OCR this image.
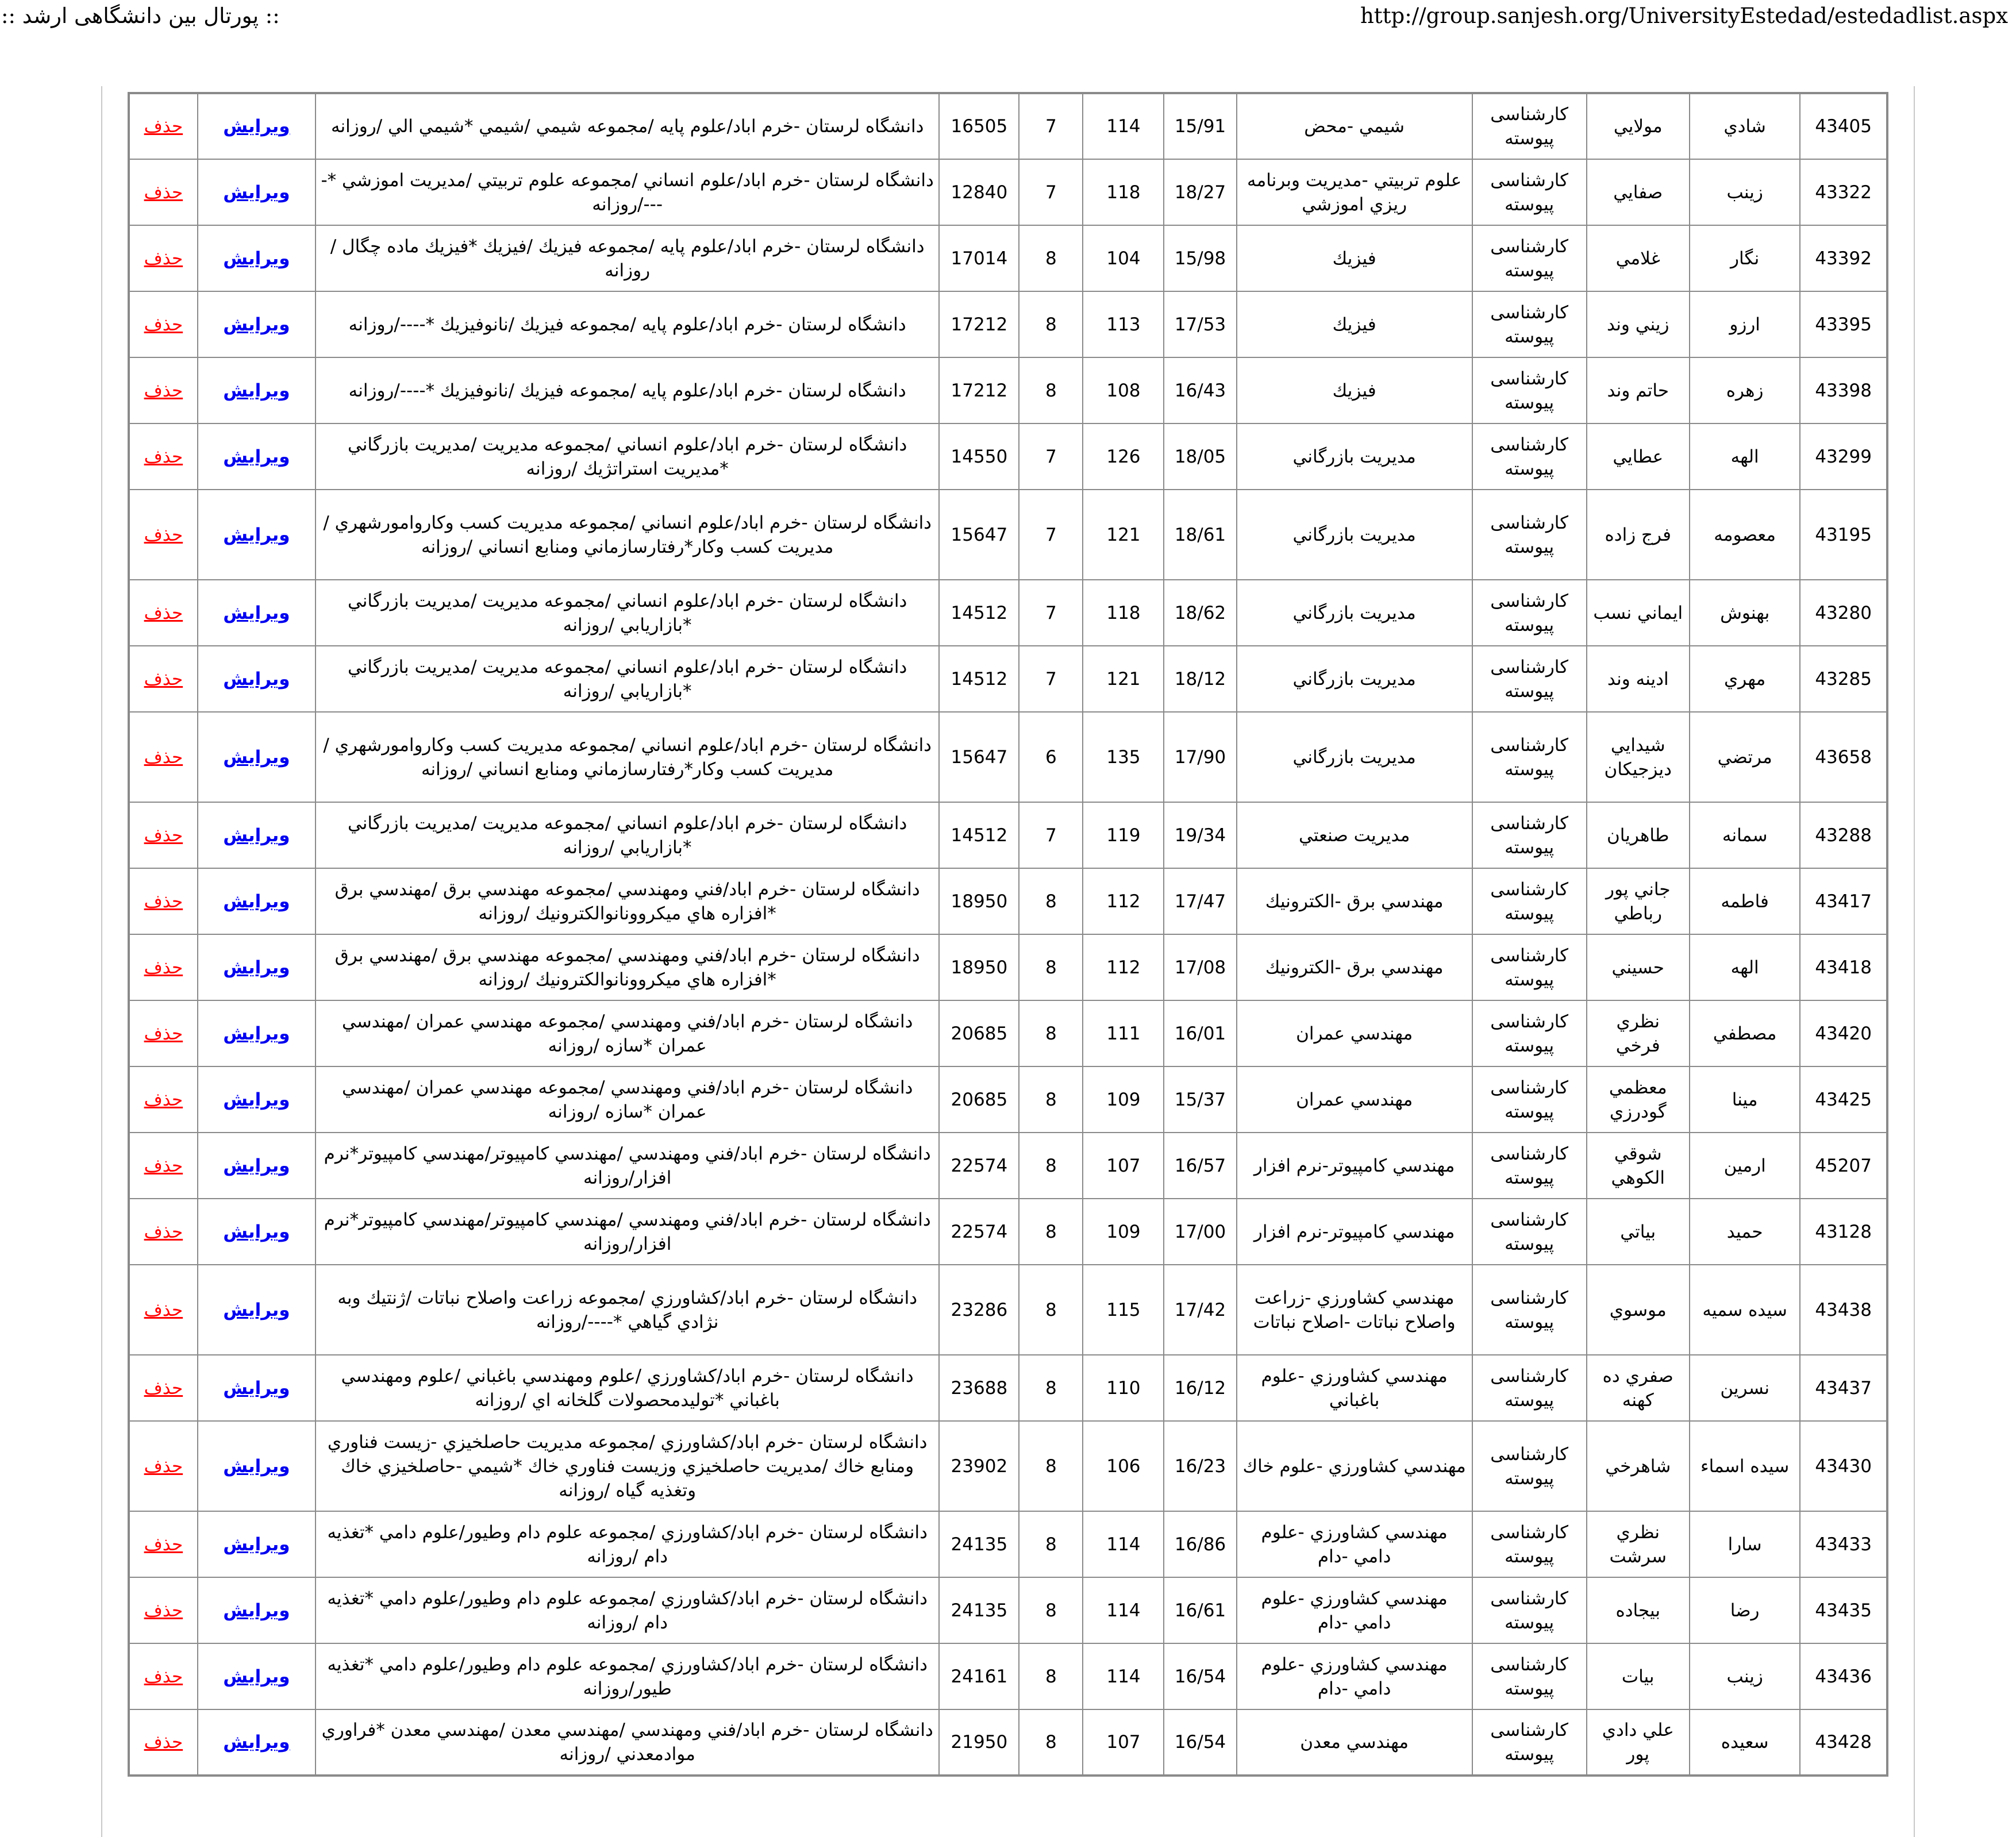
:: پورتال بین دانشگاهی ارشد ::	http://group.sanjesh.org/UniversityEstedad/estedadlist.aspx
43405	شادي	مولايي	كارشناسی پيوسته	شيمي -محض	15/91	114	7	16505	دانشگاه لرستان -خرم اباد/علوم پايه /مجموعه شيمي /شيمي *شيمي الي /روزانه	ويرايش	حذف
43322	زينب	صفايي	كارشناسی پيوسته	علوم تربيتي -مديريت وبرنامه ريزي اموزشي	18/27	118	7	12840	دانشگاه لرستان -خرم اباد/علوم انساني /مجموعه علوم تربيتي /مديريت اموزشي *----/روزانه	ويرايش	حذف
43392	نگار	غلامي	كارشناسی پيوسته	فيزيك	15/98	104	8	17014	دانشگاه لرستان -خرم اباد/علوم پايه /مجموعه فيزيك /فيزيك *فيزيك ماده چگال /روزانه	ويرايش	حذف
43395	ارزو	زيني وند	كارشناسی پيوسته	فيزيك	17/53	113	8	17212	دانشگاه لرستان -خرم اباد/علوم پايه /مجموعه فيزيك /نانوفيزيك *----/روزانه	ويرايش	حذف
43398	زهره	حاتم وند	كارشناسی پيوسته	فيزيك	16/43	108	8	17212	دانشگاه لرستان -خرم اباد/علوم پايه /مجموعه فيزيك /نانوفيزيك *----/روزانه	ويرايش	حذف
43299	الهه	عطايي	كارشناسی پيوسته	مديريت بازرگاني	18/05	126	7	14550	دانشگاه لرستان -خرم اباد/علوم انساني /مجموعه مديريت /مديريت بازرگاني *مديريت استراتژيك /روزانه	ويرايش	حذف
43195	معصومه	فرج زاده	كارشناسی پيوسته	مديريت بازرگاني	18/61	121	7	15647	دانشگاه لرستان -خرم اباد/علوم انساني /مجموعه مديريت كسب وكاروامورشهري /مديريت كسب وكار*رفتارسازماني ومنابع انساني /روزانه	ويرايش	حذف
43280	بهنوش	ايماني نسب	كارشناسی پيوسته	مديريت بازرگاني	18/62	118	7	14512	دانشگاه لرستان -خرم اباد/علوم انساني /مجموعه مديريت /مديريت بازرگاني *بازاريابي /روزانه	ويرايش	حذف
43285	مهري	ادينه وند	كارشناسی پيوسته	مديريت بازرگاني	18/12	121	7	14512	دانشگاه لرستان -خرم اباد/علوم انساني /مجموعه مديريت /مديريت بازرگاني *بازاريابي /روزانه	ويرايش	حذف
43658	مرتضي	شيدايي ديزجيكان	كارشناسی پيوسته	مديريت بازرگاني	17/90	135	6	15647	دانشگاه لرستان -خرم اباد/علوم انساني /مجموعه مديريت كسب وكاروامورشهري /مديريت كسب وكار*رفتارسازماني ومنابع انساني /روزانه	ويرايش	حذف
43288	سمانه	طاهريان	كارشناسی پيوسته	مديريت صنعتي	19/34	119	7	14512	دانشگاه لرستان -خرم اباد/علوم انساني /مجموعه مديريت /مديريت بازرگاني *بازاريابي /روزانه	ويرايش	حذف
43417	فاطمه	جاني پور رباطي	كارشناسی پيوسته	مهندسي برق -الكترونيك	17/47	112	8	18950	دانشگاه لرستان -خرم اباد/فني ومهندسي /مجموعه مهندسي برق /مهندسي برق *افزاره هاي ميكروونانوالكترونيك /روزانه	ويرايش	حذف
43418	الهه	حسيني	كارشناسی پيوسته	مهندسي برق -الكترونيك	17/08	112	8	18950	دانشگاه لرستان -خرم اباد/فني ومهندسي /مجموعه مهندسي برق /مهندسي برق *افزاره هاي ميكروونانوالكترونيك /روزانه	ويرايش	حذف
43420	مصطفي	نظري فرخي	كارشناسی پيوسته	مهندسي عمران	16/01	111	8	20685	دانشگاه لرستان -خرم اباد/فني ومهندسي /مجموعه مهندسي عمران /مهندسي عمران *سازه /روزانه	ويرايش	حذف
43425	مينا	معظمي گودرزي	كارشناسی پيوسته	مهندسي عمران	15/37	109	8	20685	دانشگاه لرستان -خرم اباد/فني ومهندسي /مجموعه مهندسي عمران /مهندسي عمران *سازه /روزانه	ويرايش	حذف
45207	ارمين	شوقي الكوهي	كارشناسی پيوسته	مهندسي كامپيوتر-نرم افزار	16/57	107	8	22574	دانشگاه لرستان -خرم اباد/فني ومهندسي /مهندسي كامپيوتر/مهندسي كامپيوتر*نرم افزار/روزانه	ويرايش	حذف
43128	حميد	بياتي	كارشناسی پيوسته	مهندسي كامپيوتر-نرم افزار	17/00	109	8	22574	دانشگاه لرستان -خرم اباد/فني ومهندسي /مهندسي كامپيوتر/مهندسي كامپيوتر*نرم افزار/روزانه	ويرايش	حذف
43438	سيده سميه	موسوي	كارشناسی پيوسته	مهندسي كشاورزي -زراعت واصلاح نباتات -اصلاح نباتات	17/42	115	8	23286	دانشگاه لرستان -خرم اباد/كشاورزي /مجموعه زراعت واصلاح نباتات /ژنتيك وبه نژادي گياهي *----/روزانه	ويرايش	حذف
43437	نسرين	صفري ده كهنه	كارشناسی پيوسته	مهندسي كشاورزي -علوم باغباني	16/12	110	8	23688	دانشگاه لرستان -خرم اباد/كشاورزي /علوم ومهندسي باغباني /علوم ومهندسي باغباني *توليدمحصولات گلخانه اي /روزانه	ويرايش	حذف
43430	سيده اسماء	شاهرخي	كارشناسی پيوسته	مهندسي كشاورزي -علوم خاك	16/23	106	8	23902	دانشگاه لرستان -خرم اباد/كشاورزي /مجموعه مديريت حاصلخيزي -زيست فناوري ومنابع خاك /مديريت حاصلخيزي وزيست فناوري خاك *شيمي -حاصلخيزي خاك وتغذيه گياه /روزانه	ويرايش	حذف
43433	سارا	نظري سرشت	كارشناسی پيوسته	مهندسي كشاورزي -علوم دامي -دام	16/86	114	8	24135	دانشگاه لرستان -خرم اباد/كشاورزي /مجموعه علوم دام وطيور/علوم دامي *تغذيه دام /روزانه	ويرايش	حذف
43435	رضا	بيجاده	كارشناسی پيوسته	مهندسي كشاورزي -علوم دامي -دام	16/61	114	8	24135	دانشگاه لرستان -خرم اباد/كشاورزي /مجموعه علوم دام وطيور/علوم دامي *تغذيه دام /روزانه	ويرايش	حذف
43436	زينب	بيات	كارشناسی پيوسته	مهندسي كشاورزي -علوم دامي -دام	16/54	114	8	24161	دانشگاه لرستان -خرم اباد/كشاورزي /مجموعه علوم دام وطيور/علوم دامي *تغذيه طيور/روزانه	ويرايش	حذف
43428	سعيده	علي دادي پور	كارشناسی پيوسته	مهندسي معدن	16/54	107	8	21950	دانشگاه لرستان -خرم اباد/فني ومهندسي /مهندسي معدن /مهندسي معدن *فراوري موادمعدني /روزانه	ويرايش	حذف
